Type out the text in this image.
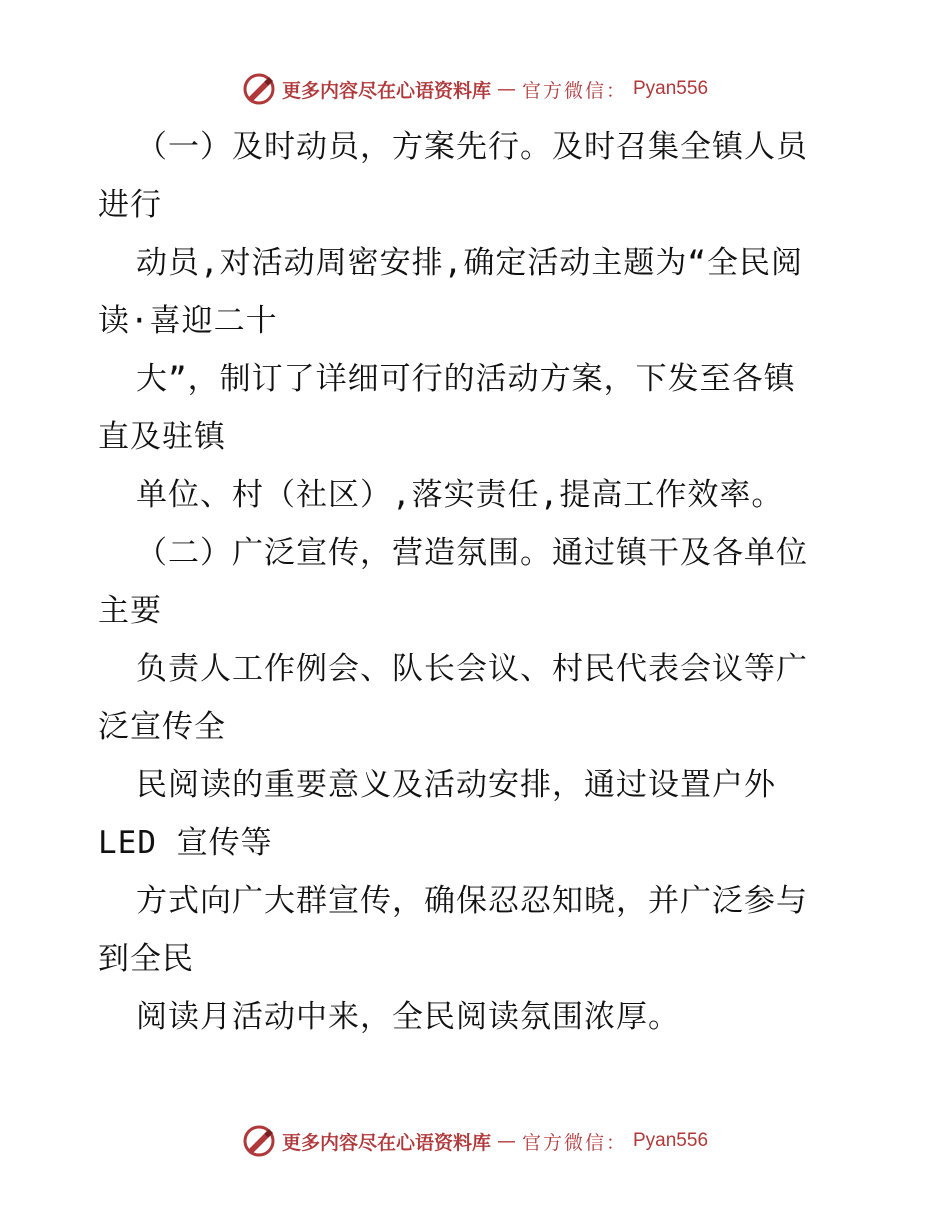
更多内容尽在心语资料库 — 官方微信： Pyan556
（一）及时动员，方案先行。及时召集全镇人员
进行
动员,对活动周密安排,确定活动主题为“全民阅
读·喜迎二十
大”，制订了详细可行的活动方案，下发至各镇
直及驻镇
单位、村（社区）,落实责任,提高工作效率。
（二）广泛宣传，营造氛围。通过镇干及各单位
主要
负责人工作例会、队长会议、村民代表会议等广
泛宣传全
民阅读的重要意义及活动安排，通过设置户外
LED 宣传等
方式向广大群宣传，确保忍忍知晓，并广泛参与
到全民
阅读月活动中来，全民阅读氛围浓厚。
更多内容尽在心语资料库 — 官方微信： Pyan556
